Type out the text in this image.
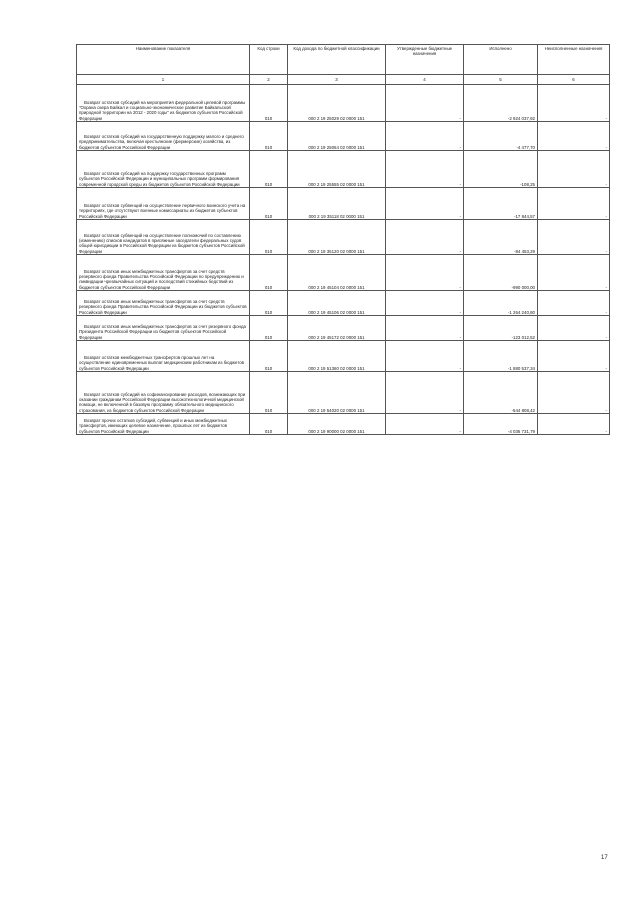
Наименование показателя	Код строки	Код дохода по бюджетной классификации	Утвержденные бюджетные назначения	Исполнено	Неисполненные назначения
1	2	3	4	5	6

Возврат остатков субсидий на мероприятия федеральной целевой программы "Охрана озера Байкал и социально-экономическое развитие Байкальской природной территории на 2012 - 2020 годы" из бюджетов субъектов Российской Федерации	010	000 2 19 25029 02 0000 151	-	-2 924 037,92	-

Возврат остатков субсидий на государственную поддержку малого и среднего предпринимательства, включая крестьянские (фермерские) хозяйства, из бюджетов субъектов Российской Федерации	010	000 2 19 25064 02 0000 151	-	-4 477,70	-

Возврат остатков субсидий на поддержку государственных программ субъектов Российской Федерации и муниципальных программ формирования современной городской среды из бюджетов субъектов Российской Федерации	010	000 2 19 25555 02 0000 151	-	-108,25	-

Возврат остатков субвенций на осуществление первичного воинского учета на территориях, где отсутствуют военные комиссариаты из бюджетов субъектов Российской Федерации	010	000 2 19 35118 02 0000 151	-	-17 844,57	-

Возврат остатков субвенций на осуществление полномочий по составлению (изменению) списков кандидатов в присяжные заседатели федеральных судов общей юрисдикции в Российской Федерации из бюджетов субъектов Российской Федерации	010	000 2 19 35120 02 0000 151	-	-84 453,29	-

Возврат остатков иных межбюджетных трансфертов за счет средств резервного фонда Правительства Российской Федерации по предупреждению и ликвидации чрезвычайных ситуаций и последствий стихийных бедствий из бюджетов субъектов Российской Федерации	010	000 2 19 45104 02 0000 151	-	-990 000,00	-

Возврат остатков иных межбюджетных трансфертов за счет средств резервного фонда Правительства Российской Федерации из бюджетов субъектов Российской Федерации	010	000 2 19 45106 02 0000 151	-	-1 264 240,80	-

Возврат остатков иных межбюджетных трансфертов за счет резервного фонда Президента Российской Федерации из бюджетов субъектов Российской Федерации	010	000 2 19 45172 02 0000 151	-	-123 012,52	-

Возврат остатков межбюджетных трансфертов прошлых лет на осуществление единовременных выплат медицинским работникам из бюджетов субъектов Российской Федерации	010	000 2 19 51360 02 0000 151	-	-1 880 537,34	-

Возврат остатков субсидий на софинансирование расходов, возникающих при оказании гражданам Российской Федерации высокотехнологичной медицинской помощи, не включенной в базовую программу обязательного медицинского страхования, из бюджетов субъектов Российской Федерации	010	000 2 19 54020 02 0000 151	-	-544 808,42	-

Возврат прочих остатков субсидий, субвенций и иных межбюджетных трансфертов, имеющих целевое назначение, прошлых лет из бюджетов субъектов Российской Федерации	010	000 2 19 90000 02 0000 151	-	-4 036 731,79	-
17
